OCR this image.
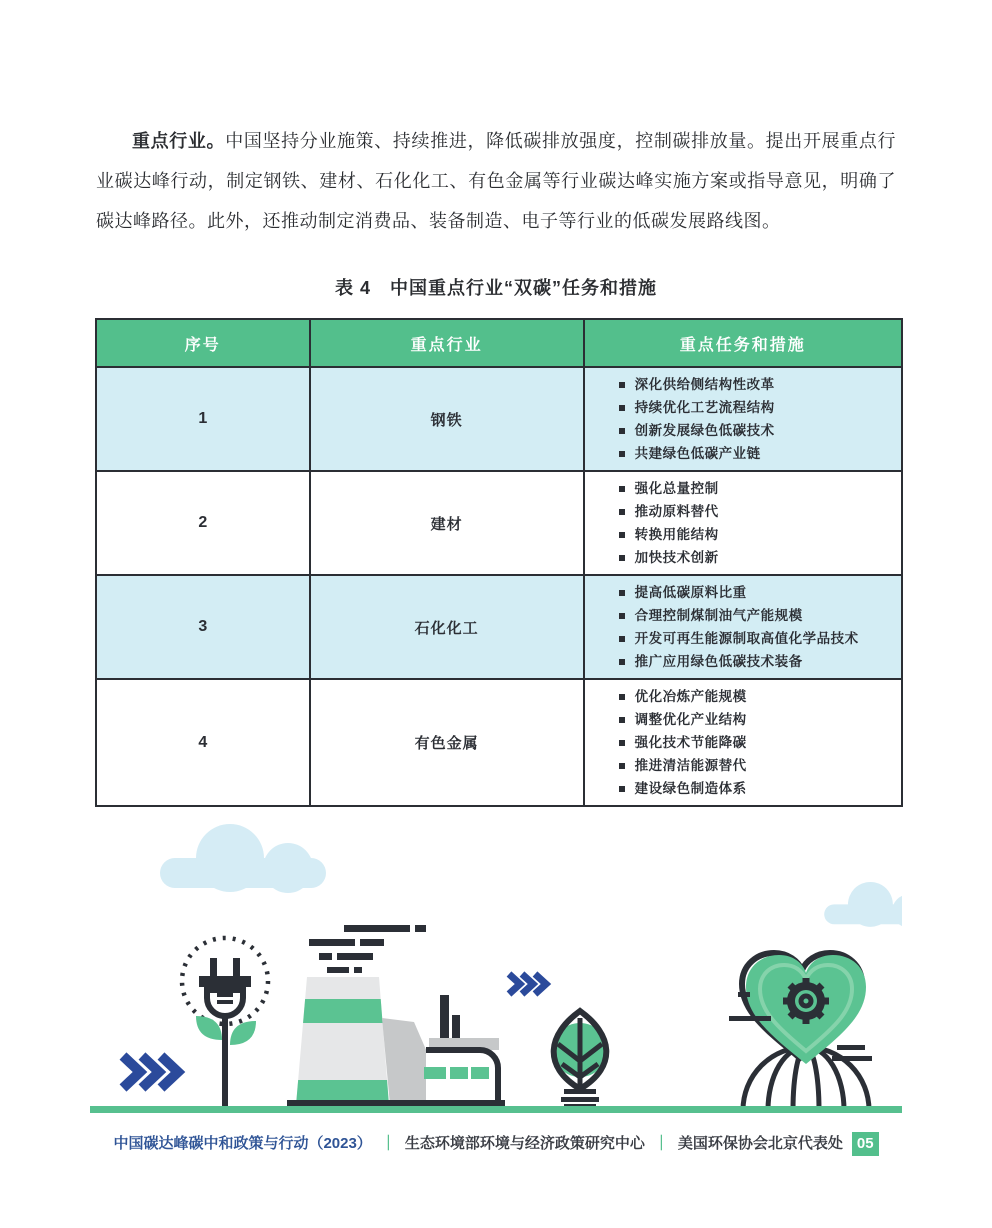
重点行业。中国坚持分业施策、持续推进，降低碳排放强度，控制碳排放量。提出开展重点行业碳达峰行动，制定钢铁、建材、石化化工、有色金属等行业碳达峰实施方案或指导意见，明确了碳达峰路径。此外，还推动制定消费品、装备制造、电子等行业的低碳发展路线图。

表 4　中国重点行业“双碳”任务和措施
序号	重点行业	重点任务和措施
1	钢铁	
深化供给侧结构性改革
持续优化工艺流程结构
创新发展绿色低碳技术
共建绿色低碳产业链

2	建材	
强化总量控制
推动原料替代
转换用能结构
加快技术创新

3	石化化工	
提高低碳原料比重
合理控制煤制油气产能规模
开发可再生能源制取高值化学品技术
推广应用绿色低碳技术装备

4	有色金属	
优化冶炼产能规模
调整优化产业结构
强化技术节能降碳
推进清洁能源替代
建设绿色制造体系
中国碳达峰碳中和政策与行动（2023） ｜ 生态环境部环境与经济政策研究中心 ｜ 美国环保协会北京代表处 05
